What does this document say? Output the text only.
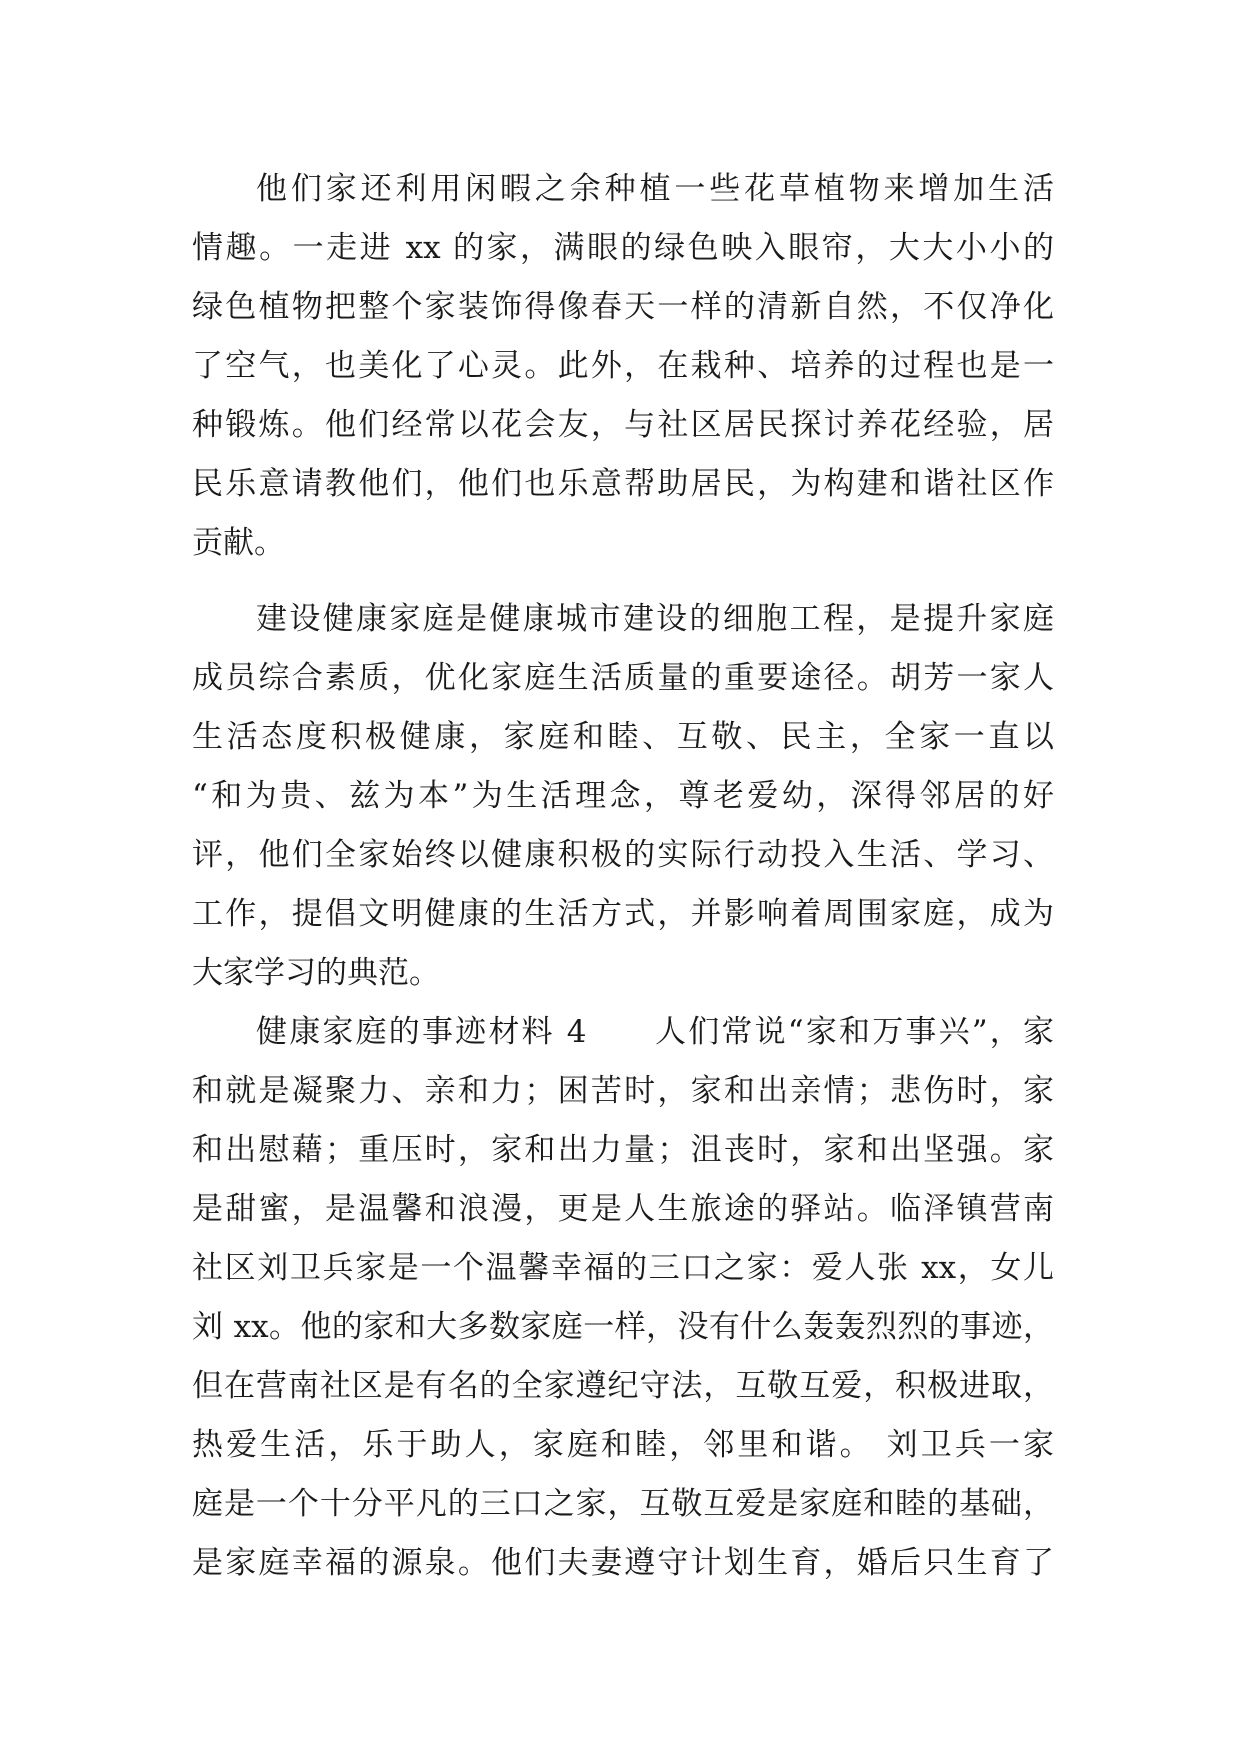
他们家还利用闲暇之余种植一些花草植物来增加生活
情趣。一走进 xx 的家，满眼的绿色映入眼帘，大大小小的
绿色植物把整个家装饰得像春天一样的清新自然，不仅净化
了空气，也美化了心灵。此外，在栽种、培养的过程也是一
种锻炼。他们经常以花会友，与社区居民探讨养花经验，居
民乐意请教他们，他们也乐意帮助居民，为构建和谐社区作
贡献。
建设健康家庭是健康城市建设的细胞工程，是提升家庭
成员综合素质，优化家庭生活质量的重要途径。胡芳一家人
生活态度积极健康，家庭和睦、互敬、民主，全家一直以
“和为贵、兹为本”为生活理念，尊老爱幼，深得邻居的好
评，他们全家始终以健康积极的实际行动投入生活、学习、
工作，提倡文明健康的生活方式，并影响着周围家庭，成为
大家学习的典范。
健康家庭的事迹材料 4　　人们常说“家和万事兴”，家
和就是凝聚力、亲和力；困苦时，家和出亲情；悲伤时，家
和出慰藉；重压时，家和出力量；沮丧时，家和出坚强。家
是甜蜜，是温馨和浪漫，更是人生旅途的驿站。临泽镇营南
社区刘卫兵家是一个温馨幸福的三口之家：爱人张 xx，女儿
刘 xx。他的家和大多数家庭一样，没有什么轰轰烈烈的事迹，
但在营南社区是有名的全家遵纪守法，互敬互爱，积极进取，
热爱生活，乐于助人，家庭和睦，邻里和谐。 刘卫兵一家
庭是一个十分平凡的三口之家，互敬互爱是家庭和睦的基础，
是家庭幸福的源泉。他们夫妻遵守计划生育，婚后只生育了
